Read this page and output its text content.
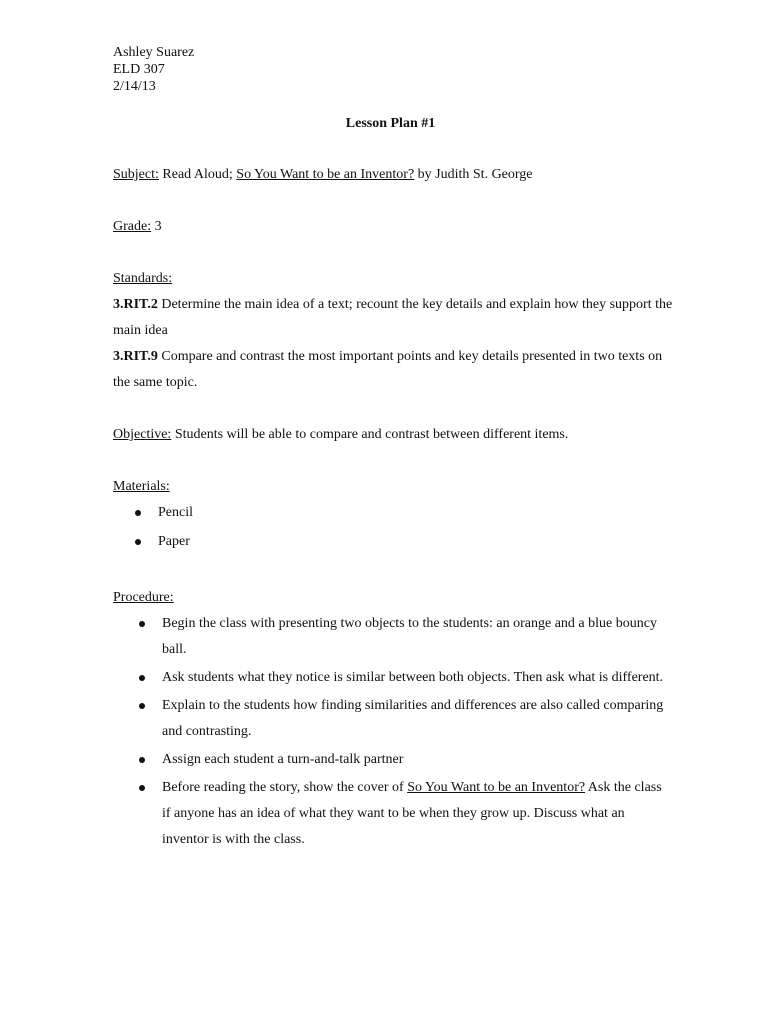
Ashley Suarez
ELD 307
2/14/13
Lesson Plan #1
Subject: Read Aloud; So You Want to be an Inventor? by Judith St. George
Grade: 3
Standards:
3.RIT.2 Determine the main idea of a text; recount the key details and explain how they support the main idea
3.RIT.9 Compare and contrast the most important points and key details presented in two texts on the same topic.
Objective: Students will be able to compare and contrast between different items.
Materials:
Pencil
Paper
Procedure:
Begin the class with presenting two objects to the students: an orange and a blue bouncy ball.
Ask students what they notice is similar between both objects. Then ask what is different.
Explain to the students how finding similarities and differences are also called comparing and contrasting.
Assign each student a turn-and-talk partner
Before reading the story, show the cover of So You Want to be an Inventor? Ask the class if anyone has an idea of what they want to be when they grow up. Discuss what an inventor is with the class.
